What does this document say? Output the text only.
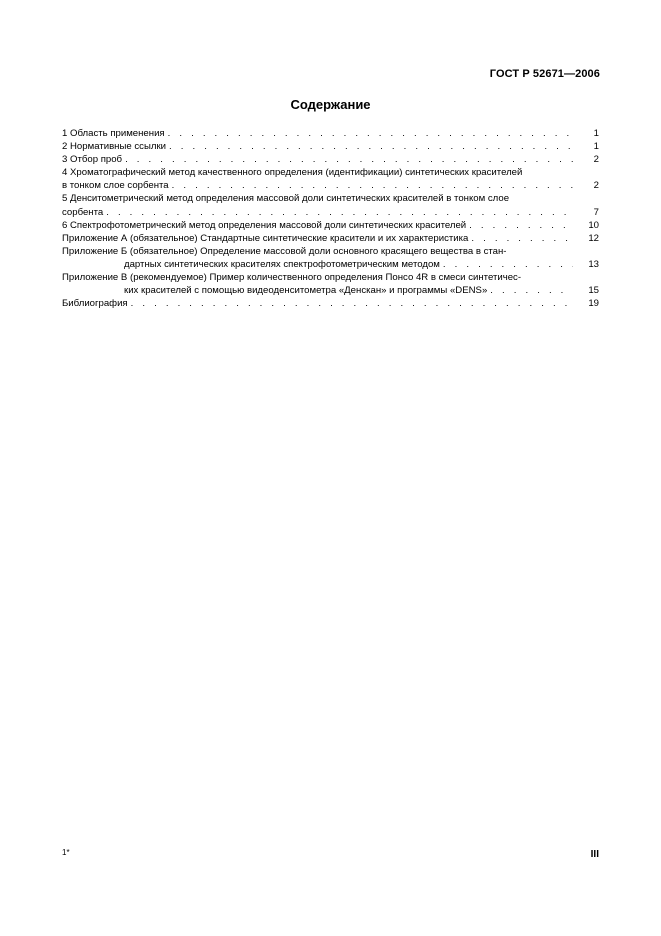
ГОСТ Р 52671—2006
Содержание
1 Область применения . . .	1
2 Нормативные ссылки . . .	1
3 Отбор проб . . .	2
4 Хроматографический метод качественного определения (идентификации) синтетических красителей
в тонком слое сорбента . . .	2
5 Денситометрический метод определения массовой доли синтетических красителей в тонком слое
сорбента . . .	7
6 Спектрофотометрический метод определения массовой доли синтетических красителей . . .	10
Приложение А (обязательное) Стандартные синтетические красители и их характеристика . . .	12
Приложение Б (обязательное) Определение массовой доли основного красящего вещества в стан-
дартных синтетических красителях спектрофотометрическим методом . . .	13
Приложение В (рекомендуемое) Пример количественного определения Понсо 4R в смеси синтетичес-
ких красителей с помощью видеоденситометра «Денскан» и программы «DENS» . . .	15
Библиография . . .	19
1*	III
